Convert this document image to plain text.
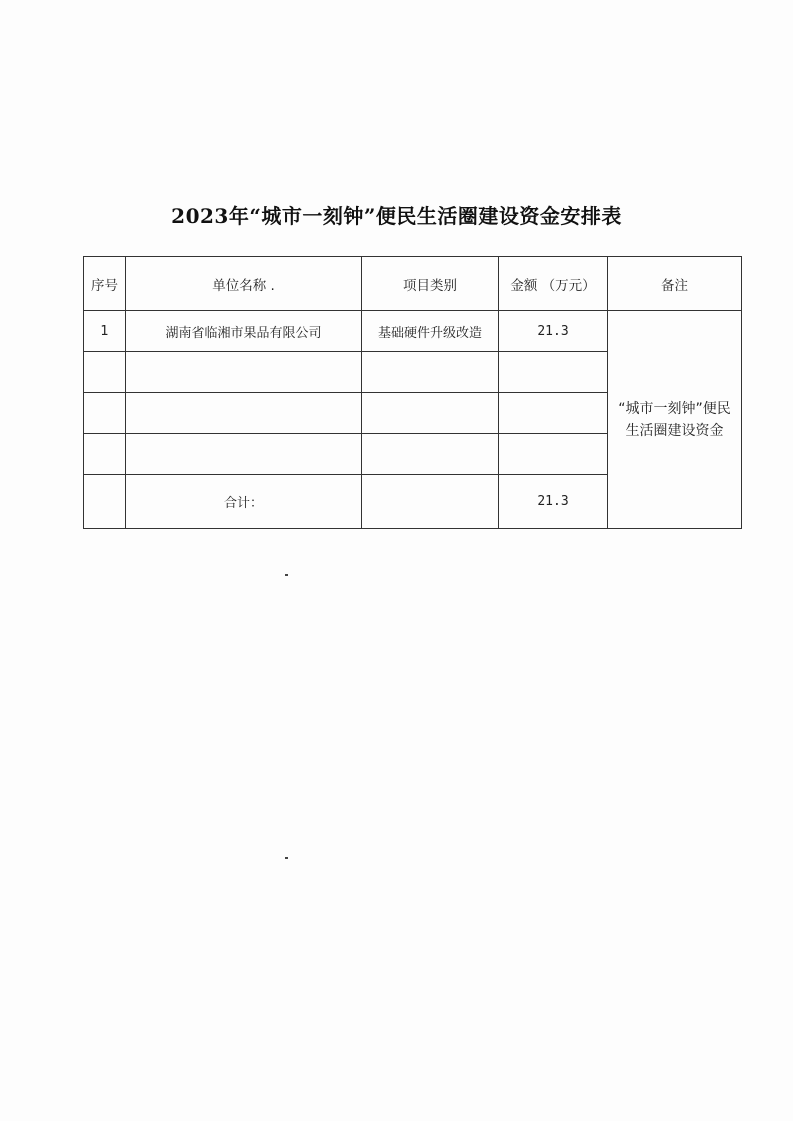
2023年“城市一刻钟”便民生活圈建设资金安排表
序号	单位名称 .	项目类别	金额 （万元）	备注
1	湖南省临湘市果品有限公司	基础硬件升级改造	21.3	“城市一刻钟”便民生活圈建设资金

	合计：		21.3	
